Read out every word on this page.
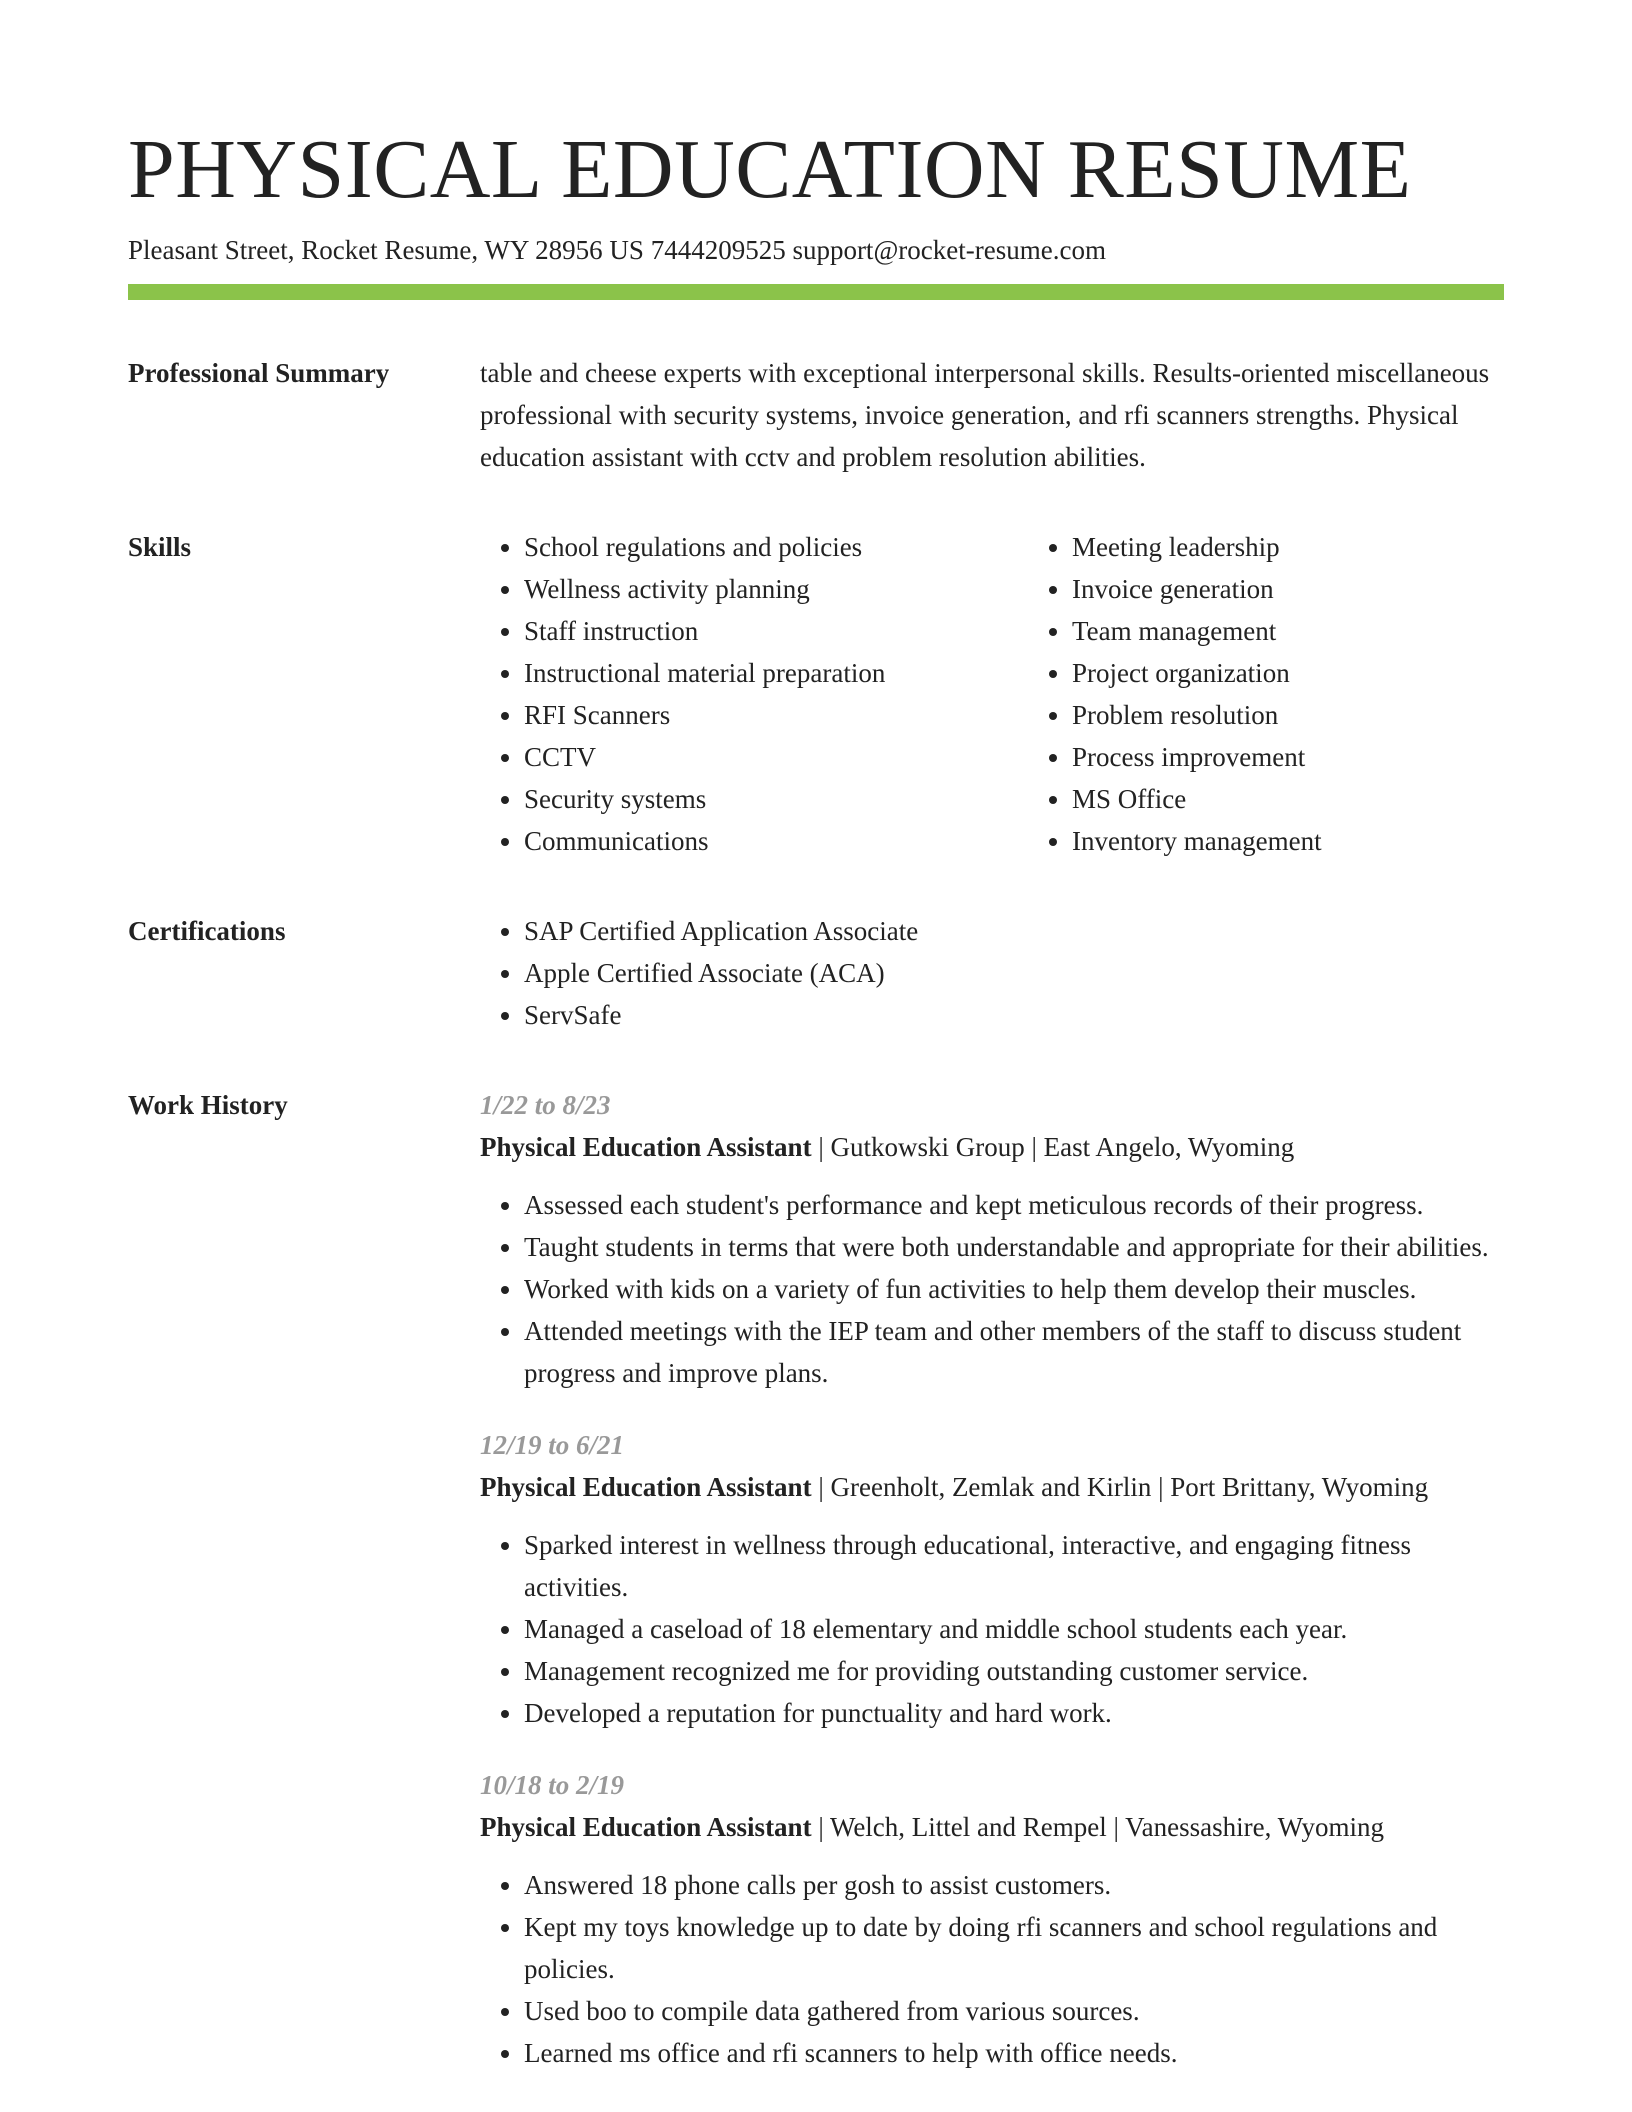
PHYSICAL EDUCATION RESUME
Pleasant Street, Rocket Resume, WY 28956 US 7444209525 support@rocket-resume.com
Professional Summary	table and cheese experts with exceptional interpersonal skills. Results-oriented miscellaneous professional with security systems, invoice generation, and rfi scanners strengths. Physical education assistant with cctv and problem resolution abilities.

Skills	• School regulations and policies
• Wellness activity planning
• Staff instruction
• Instructional material preparation
• RFI Scanners
• CCTV
• Security systems
• Communications
• Meeting leadership
• Invoice generation
• Team management
• Project organization
• Problem resolution
• Process improvement
• MS Office
• Inventory management
Certifications	• SAP Certified Application Associate
• Apple Certified Associate (ACA)
• ServSafe
Work History	1/22 to 8/23
Physical Education Assistant | Gutkowski Group | East Angelo, Wyoming
• Assessed each student's performance and kept meticulous records of their progress.
• Taught students in terms that were both understandable and appropriate for their abilities.
• Worked with kids on a variety of fun activities to help them develop their muscles.
• Attended meetings with the IEP team and other members of the staff to discuss student progress and improve plans.
12/19 to 6/21
Physical Education Assistant | Greenholt, Zemlak and Kirlin | Port Brittany, Wyoming
• Sparked interest in wellness through educational, interactive, and engaging fitness activities.
• Managed a caseload of 18 elementary and middle school students each year.
• Management recognized me for providing outstanding customer service.
• Developed a reputation for punctuality and hard work.
10/18 to 2/19
Physical Education Assistant | Welch, Littel and Rempel | Vanessashire, Wyoming
• Answered 18 phone calls per gosh to assist customers.
• Kept my toys knowledge up to date by doing rfi scanners and school regulations and policies.
• Used boo to compile data gathered from various sources.
• Learned ms office and rfi scanners to help with office needs.
